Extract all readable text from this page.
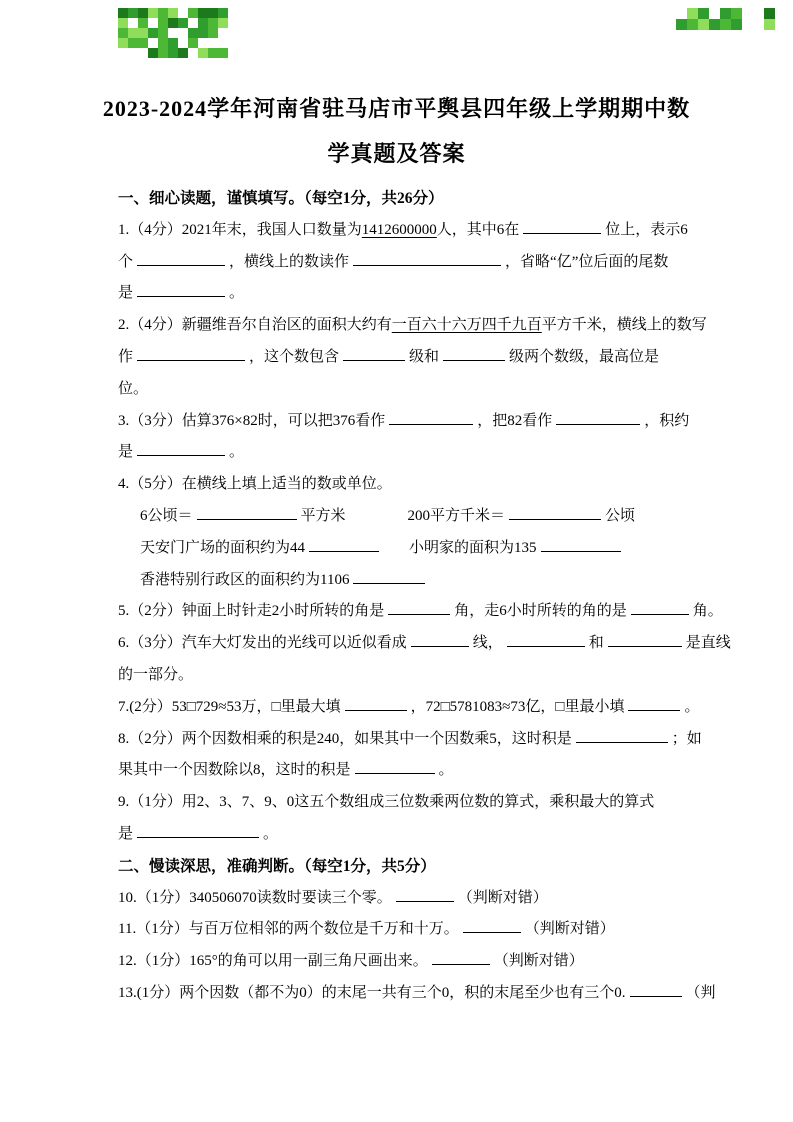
2023-2024学年河南省驻马店市平舆县四年级上学期期中数
学真题及答案
一、细心读题，谨慎填写。（每空1分，共26分）
1.（4分）2021年末，我国人口数量为1412600000人，其中6在	位上，表示6
个	，横线上的数读作	，省略“亿”位后面的尾数
是	。
2.（4分）新疆维吾尔自治区的面积大约有一百六十六万四千九百平方千米，横线上的数写
作	，这个数包含	级和	级两个数级，最高位是
位。
3.（3分）估算376×82时，可以把376看作	，把82看作	，积约
是	。
4.（5分）在横线上填上适当的数或单位。
6公顷＝	平方米	200平方千米＝	公顷
天安门广场的面积约为44	小明家的面积为135
香港特别行政区的面积约为1106
5.（2分）钟面上时针走2小时所转的角是	角，走6小时所转的角的是	角。
6.（3分）汽车大灯发出的光线可以近似看成	线，	和	是直线
的一部分。
7.(2分）53□729≈53万，□里最大填	，72□5781083≈73亿，□里最小填	。
8.（2分）两个因数相乘的积是240，如果其中一个因数乘5，这时积是	；如
果其中一个因数除以8，这时的积是	。
9.（1分）用2、3、7、9、0这五个数组成三位数乘两位数的算式，乘积最大的算式
是	。
二、慢读深思，准确判断。（每空1分，共5分）
10.（1分）340506070读数时要读三个零。	（判断对错）
11.（1分）与百万位相邻的两个数位是千万和十万。	（判断对错）
12.（1分）165°的角可以用一副三角尺画出来。	（判断对错）
13.(1分）两个因数（都不为0）的末尾一共有三个0，积的末尾至少也有三个0.	（判
